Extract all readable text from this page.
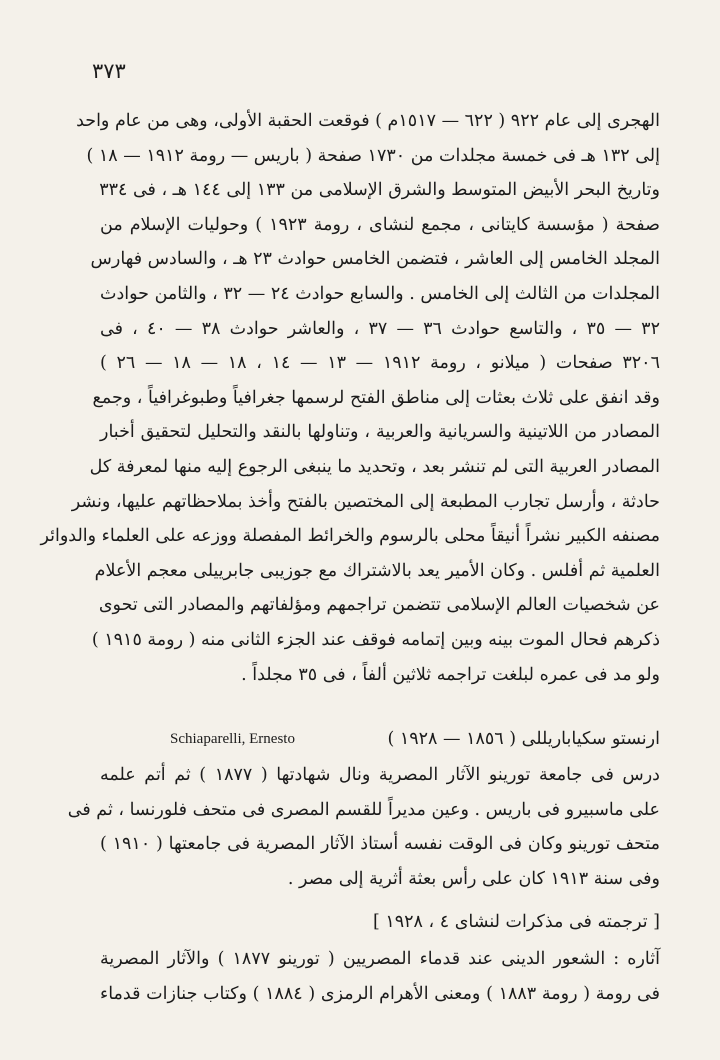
٣٧٣
الهجرى إلى عام ٩٢٢ ( ٦٢٢ — ١٥١٧م ) فوقعت الحقبة الأولى، وهى من عام واحد
إلى ١٣٢ هـ فى خمسة مجلدات من ١٧٣٠ صفحة ( باريس — رومة ١٩١٢ — ١٨ )
وتاريخ البحر الأبيض المتوسط والشرق الإسلامى من ١٣٣ إلى ١٤٤ هـ ، فى ٣٣٤
صفحة ( مؤسسة كايتانى ، مجمع لنشاى ، رومة ١٩٢٣ ) وحوليات الإسلام من
المجلد الخامس إلى العاشر ، فتضمن الخامس حوادث ٢٣ هـ ، والسادس فهارس
المجلدات من الثالث إلى الخامس . والسابع حوادث ٢٤ — ٣٢ ، والثامن حوادث
٣٢ — ٣٥ ، والتاسع حوادث ٣٦ — ٣٧ ، والعاشر حوادث ٣٨ — ٤٠ ، فى
٣٢٠٦ صفحات ( ميلانو ، رومة ١٩١٢ — ١٣ — ١٤ ، ١٨ — ١٨ — ٢٦ )
وقد انفق على ثلاث بعثات إلى مناطق الفتح لرسمها جغرافياً وطبوغرافياً ، وجمع
المصادر من اللاتينية والسريانية والعربية ، وتناولها بالنقد والتحليل لتحقيق أخبار
المصادر العربية التى لم تنشر بعد ، وتحديد ما ينبغى الرجوع إليه منها لمعرفة كل
حادثة ، وأرسل تجارب المطبعة إلى المختصين بالفتح وأخذ بملاحظاتهم عليها، ونشر
مصنفه الكبير نشراً أنيقاً محلى بالرسوم والخرائط المفصلة ووزعه على العلماء والدوائر
العلمية ثم أفلس . وكان الأمير يعد بالاشتراك مع جوزيبى جابرييلى معجم الأعلام
عن شخصيات العالم الإسلامى تتضمن تراجمهم ومؤلفاتهم والمصادر التى تحوى
ذكرهم فحال الموت بينه وبين إتمامه فوقف عند الجزء الثانى منه ( رومة ١٩١٥ )
ولو مد فى عمره لبلغت تراجمه ثلاثين ألفاً ، فى ٣٥ مجلداً .
ارنستو سكياباريللى ( ١٨٥٦ — ١٩٢٨ )
Schiaparelli, Ernesto
درس فى جامعة تورينو الآثار المصرية ونال شهادتها ( ١٨٧٧ ) ثم أتم علمه
على ماسبيرو فى باريس . وعين مديراً للقسم المصرى فى متحف فلورنسا ، ثم فى
متحف تورينو وكان فى الوقت نفسه أستاذ الآثار المصرية فى جامعتها ( ١٩١٠ )
وفى سنة ١٩١٣ كان على رأس بعثة أثرية إلى مصر .
[ ترجمته فى مذكرات لنشاى ٤ ، ١٩٢٨ ]
آثاره : الشعور الدينى عند قدماء المصريين ( تورينو ١٨٧٧ ) والآثار المصرية
فى رومة ( رومة ١٨٨٣ ) ومعنى الأهرام الرمزى ( ١٨٨٤ ) وكتاب جنازات قدماء
